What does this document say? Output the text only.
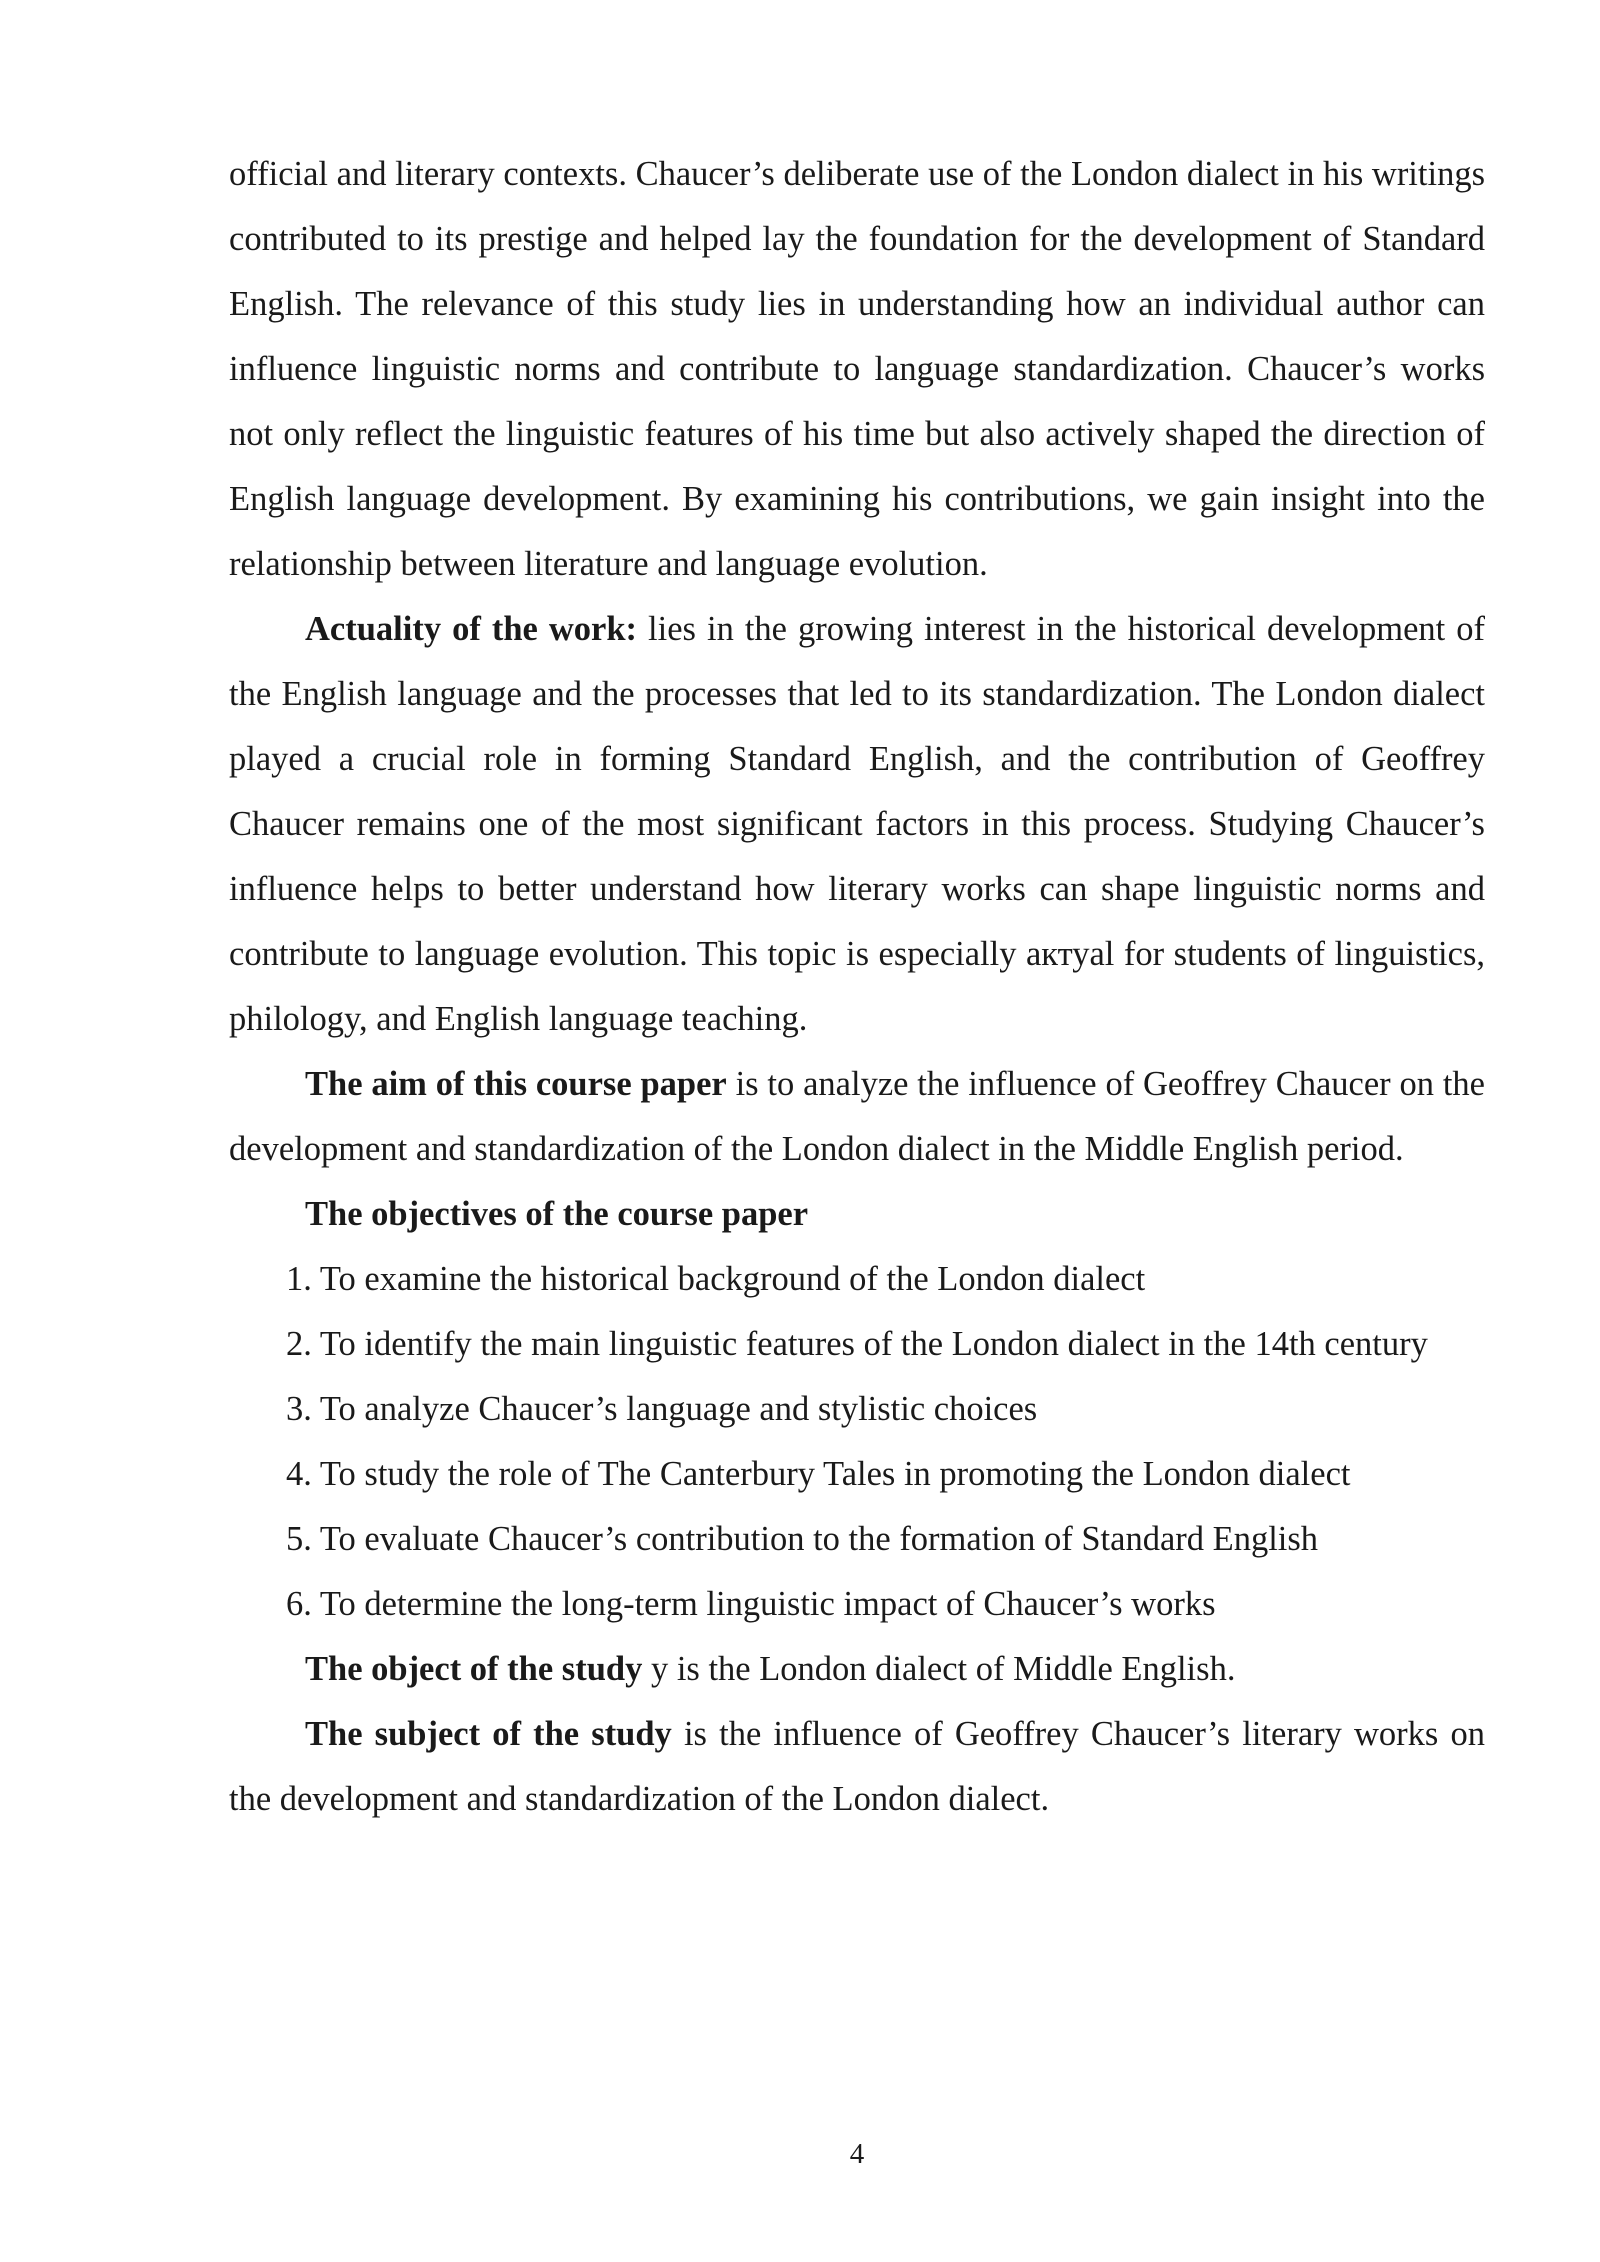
official and literary contexts. Chaucer’s deliberate use of the London dialect in his writings contributed to its prestige and helped lay the foundation for the development of Standard English. The relevance of this study lies in understanding how an individual author can influence linguistic norms and contribute to language standardization. Chaucer’s works not only reflect the linguistic features of his time but also actively shaped the direction of English language development. By examining his contributions, we gain insight into the relationship between literature and language evolution.

Actuality of the work: lies in the growing interest in the historical development of the English language and the processes that led to its standardization. The London dialect played a crucial role in forming Standard English, and the contribution of Geoffrey Chaucer remains one of the most significant factors in this process. Studying Chaucer’s influence helps to better understand how literary works can shape linguistic norms and contribute to language evolution. This topic is especially актуal for students of linguistics, philology, and English language teaching.

The aim of this course paper is to analyze the influence of Geoffrey Chaucer on the development and standardization of the London dialect in the Middle English period.

The objectives of the course paper

1. To examine the historical background of the London dialect

2. To identify the main linguistic features of the London dialect in the 14th century

3. To analyze Chaucer’s language and stylistic choices

4. To study the role of The Canterbury Tales in promoting the London dialect

5. To evaluate Chaucer’s contribution to the formation of Standard English

6. To determine the long-term linguistic impact of Chaucer’s works

The object of the study y is the London dialect of Middle English.

The subject of the study is the influence of Geoffrey Chaucer’s literary works on the development and standardization of the London dialect.

4
